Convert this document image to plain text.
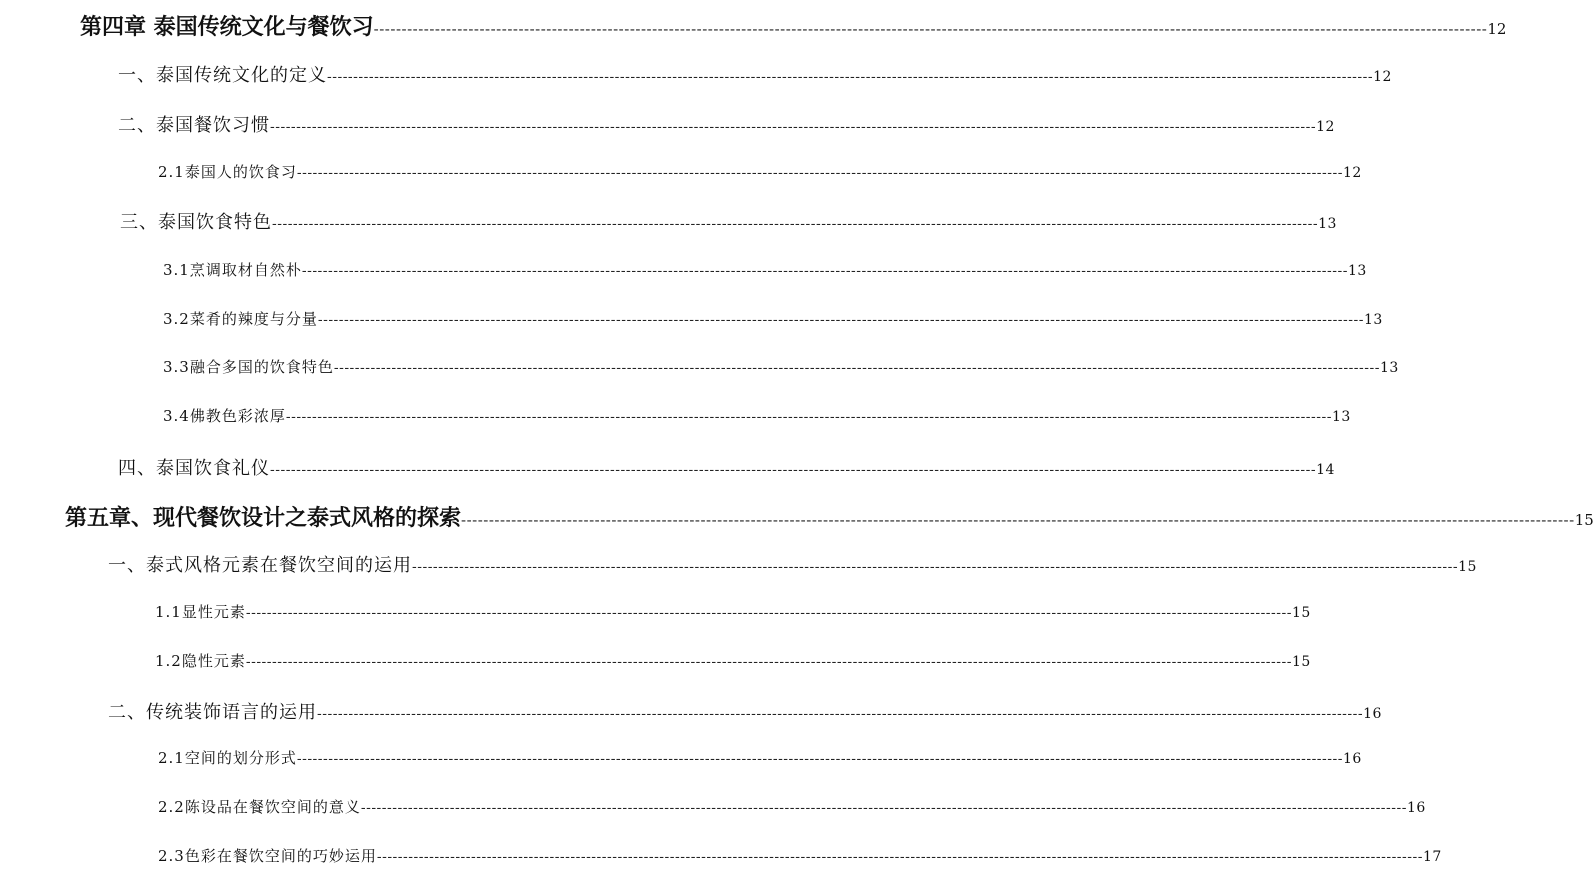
第四章 泰国传统文化与餐饮习 -------------------------------------------------------------------------------------------------------------------------------------------------------------------------------------------------------- 12
一、泰国传统文化的定义 -------------------------------------------------------------------------------------------------------------------------------------------------------------------------------------------------------- 12
二、泰国餐饮习惯 -------------------------------------------------------------------------------------------------------------------------------------------------------------------------------------------------------- 12
2.1泰国人的饮食习 -------------------------------------------------------------------------------------------------------------------------------------------------------------------------------------------------------- 12
三、泰国饮食特色 -------------------------------------------------------------------------------------------------------------------------------------------------------------------------------------------------------- 13
3.1烹调取材自然朴 -------------------------------------------------------------------------------------------------------------------------------------------------------------------------------------------------------- 13
3.2菜肴的辣度与分量 -------------------------------------------------------------------------------------------------------------------------------------------------------------------------------------------------------- 13
3.3融合多国的饮食特色 -------------------------------------------------------------------------------------------------------------------------------------------------------------------------------------------------------- 13
3.4佛教色彩浓厚 -------------------------------------------------------------------------------------------------------------------------------------------------------------------------------------------------------- 13
四、泰国饮食礼仪 -------------------------------------------------------------------------------------------------------------------------------------------------------------------------------------------------------- 14
第五章、现代餐饮设计之泰式风格的探索 -------------------------------------------------------------------------------------------------------------------------------------------------------------------------------------------------------- 15
一、泰式风格元素在餐饮空间的运用 -------------------------------------------------------------------------------------------------------------------------------------------------------------------------------------------------------- 15
1.1显性元素 -------------------------------------------------------------------------------------------------------------------------------------------------------------------------------------------------------- 15
1.2隐性元素 -------------------------------------------------------------------------------------------------------------------------------------------------------------------------------------------------------- 15
二、传统装饰语言的运用 -------------------------------------------------------------------------------------------------------------------------------------------------------------------------------------------------------- 16
2.1空间的划分形式 -------------------------------------------------------------------------------------------------------------------------------------------------------------------------------------------------------- 16
2.2陈设品在餐饮空间的意义 -------------------------------------------------------------------------------------------------------------------------------------------------------------------------------------------------------- 16
2.3色彩在餐饮空间的巧妙运用 -------------------------------------------------------------------------------------------------------------------------------------------------------------------------------------------------------- 17
